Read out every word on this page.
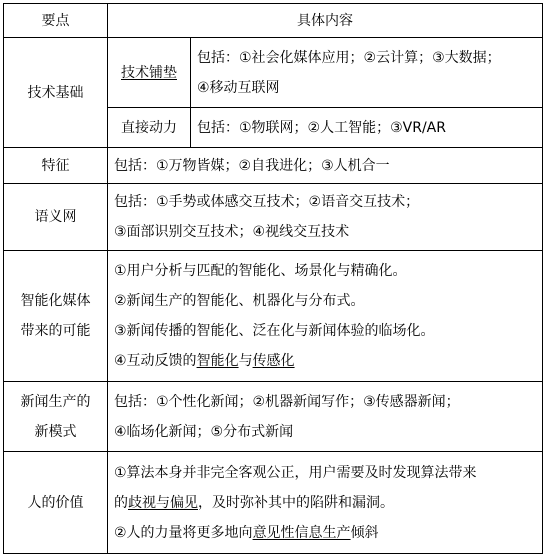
要点	具体内容	
技术基础	技术铺垫	包括：①社会化媒体应用；②云计算；③大数据；
④移动互联网

	直接动力	包括：①物联网；②人工智能；③VR/AR

特征	包括：①万物皆媒；②自我进化；③人机合一	

语义网	包括：①手势或体感交互技术；②语音交互技术；
③面部识别交互技术；④视线交互技术	

智能化媒体
带来的可能	①用户分析与匹配的智能化、场景化与精确化。
②新闻生产的智能化、机器化与分布式。
③新闻传播的智能化、泛在化与新闻体验的临场化。
④互动反馈的智能化与传感化	

新闻生产的
新模式	包括：①个性化新闻；②机器新闻写作；③传感器新闻；
④临场化新闻；⑤分布式新闻	

人的价值	①算法本身并非完全客观公正，用户需要及时发现算法带来
的歧视与偏见，及时弥补其中的陷阱和漏洞。
②人的力量将更多地向意见性信息生产倾斜	
